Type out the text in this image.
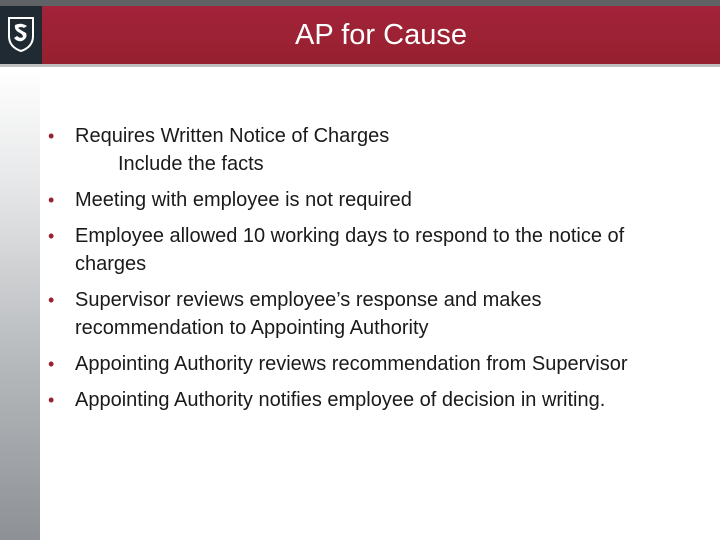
AP for Cause
• Requires Written Notice of Charges
Include the facts
• Meeting with employee is not required
• Employee allowed 10 working days to respond to the notice of charges
• Supervisor reviews employee’s response and makes recommendation to Appointing Authority
• Appointing Authority reviews recommendation from Supervisor
• Appointing Authority notifies employee of decision in writing.
